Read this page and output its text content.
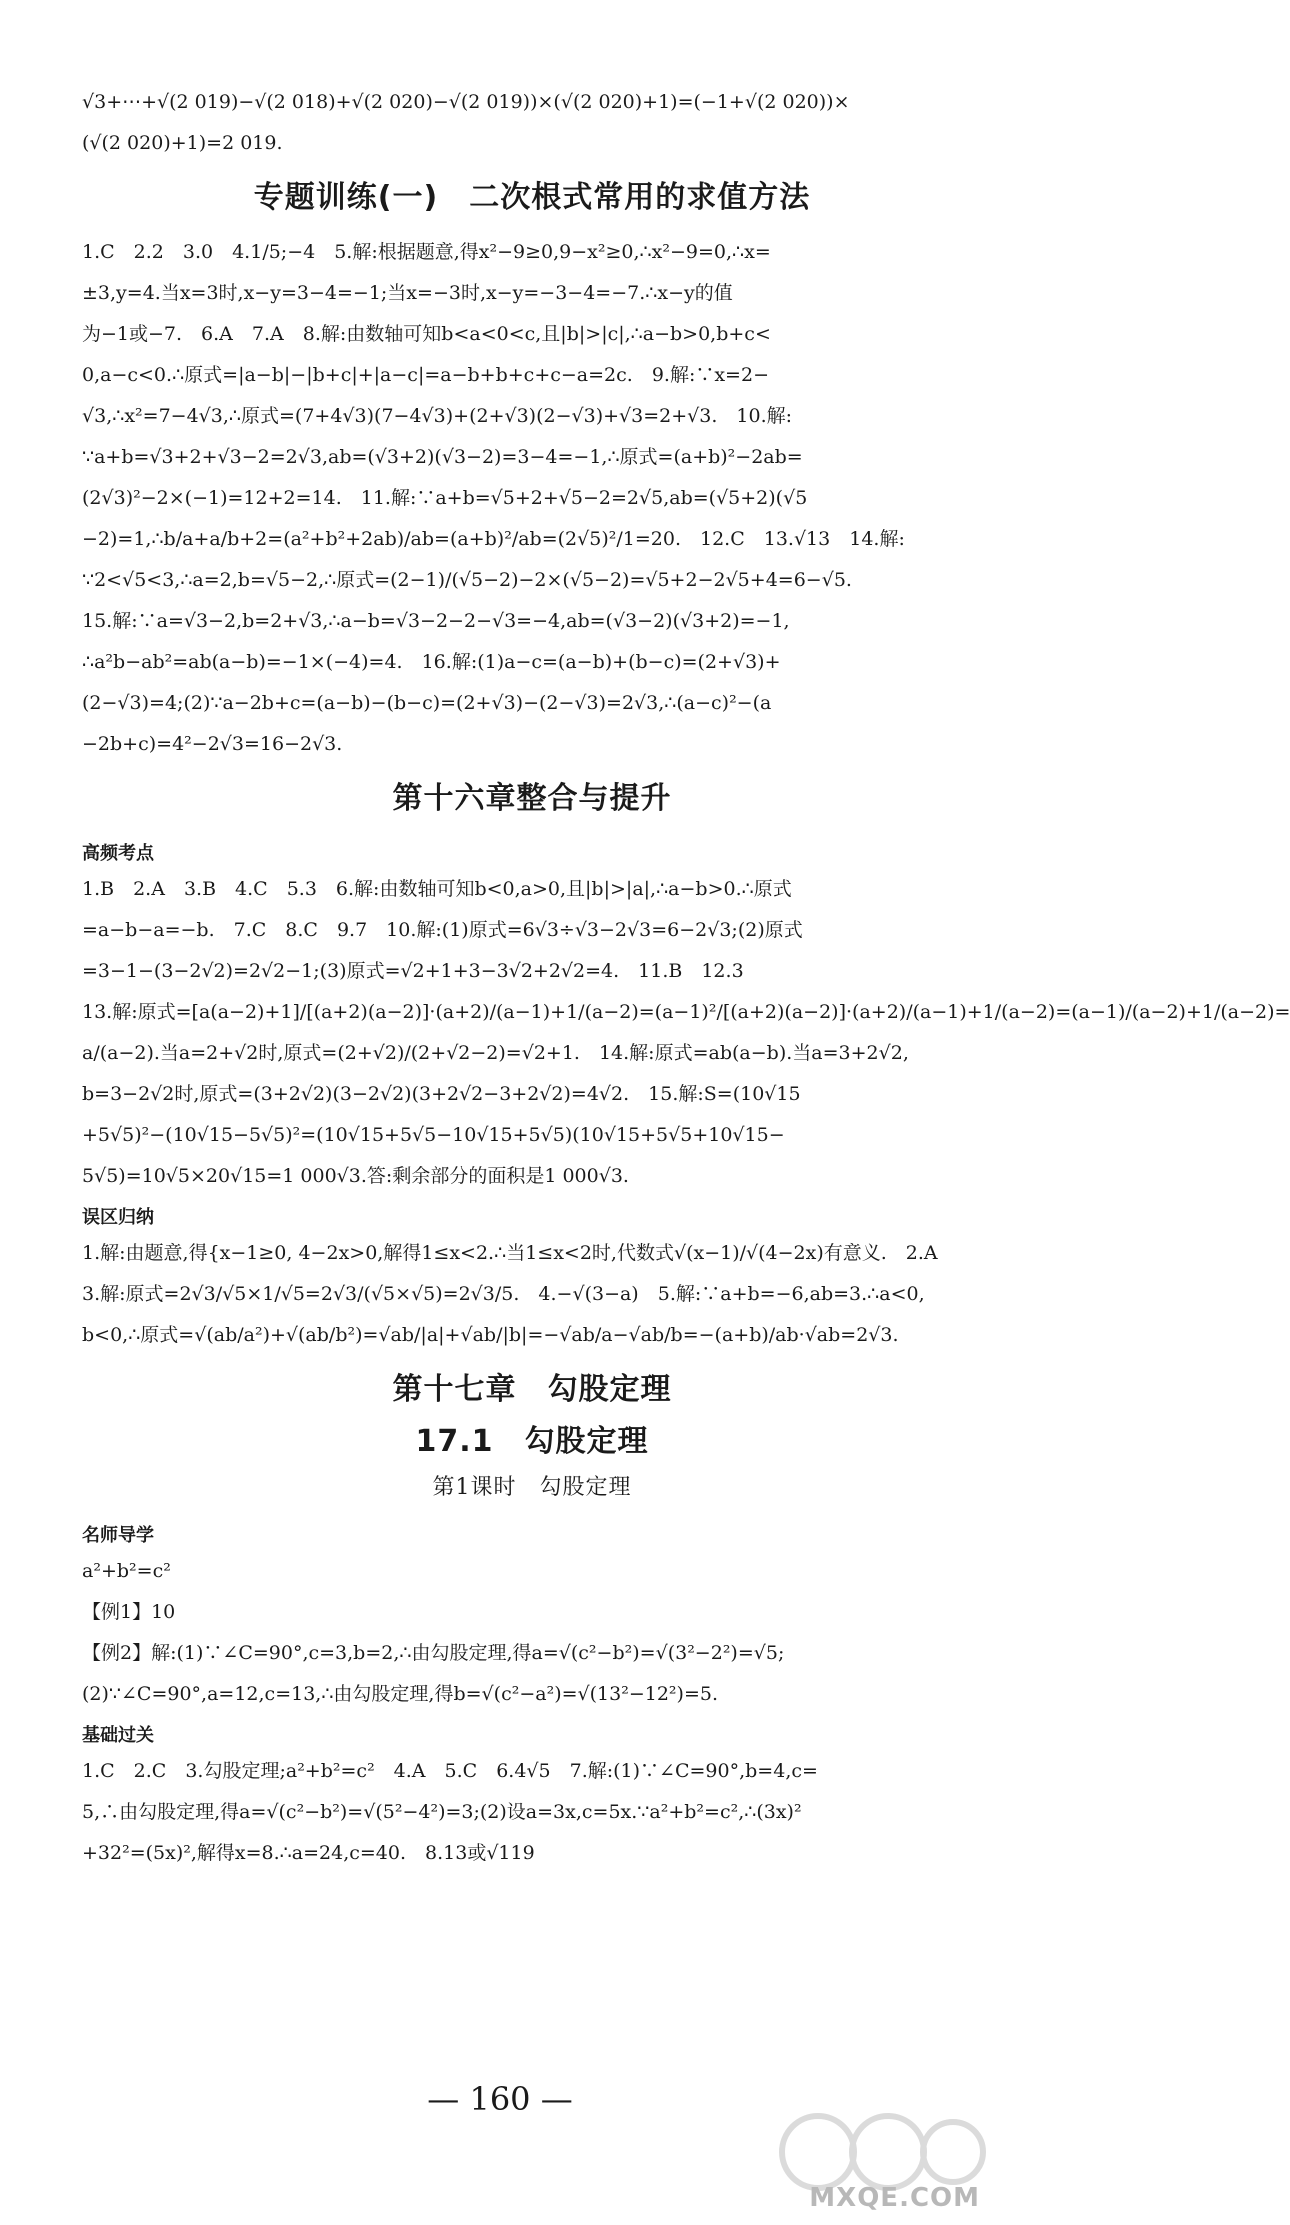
√3+⋯+√(2 019)−√(2 018)+√(2 020)−√(2 019))×(√(2 020)+1)=(−1+√(2 020))×
(√(2 020)+1)=2 019.
专题训练(一)　二次根式常用的求值方法
1.C　2.2　3.0　4.1/5;−4　5.解:根据题意,得x²−9≥0,9−x²≥0,∴x²−9=0,∴x=
±3,y=4.当x=3时,x−y=3−4=−1;当x=−3时,x−y=−3−4=−7.∴x−y的值
为−1或−7.　6.A　7.A　8.解:由数轴可知b<a<0<c,且|b|>|c|,∴a−b>0,b+c<
0,a−c<0.∴原式=|a−b|−|b+c|+|a−c|=a−b+b+c+c−a=2c.　9.解:∵x=2−
√3,∴x²=7−4√3,∴原式=(7+4√3)(7−4√3)+(2+√3)(2−√3)+√3=2+√3.　10.解:
∵a+b=√3+2+√3−2=2√3,ab=(√3+2)(√3−2)=3−4=−1,∴原式=(a+b)²−2ab=
(2√3)²−2×(−1)=12+2=14.　11.解:∵a+b=√5+2+√5−2=2√5,ab=(√5+2)(√5
−2)=1,∴b/a+a/b+2=(a²+b²+2ab)/ab=(a+b)²/ab=(2√5)²/1=20.　12.C　13.√13　14.解:
∵2<√5<3,∴a=2,b=√5−2,∴原式=(2−1)/(√5−2)−2×(√5−2)=√5+2−2√5+4=6−√5.
15.解:∵a=√3−2,b=2+√3,∴a−b=√3−2−2−√3=−4,ab=(√3−2)(√3+2)=−1,
∴a²b−ab²=ab(a−b)=−1×(−4)=4.　16.解:(1)a−c=(a−b)+(b−c)=(2+√3)+
(2−√3)=4;(2)∵a−2b+c=(a−b)−(b−c)=(2+√3)−(2−√3)=2√3,∴(a−c)²−(a
−2b+c)=4²−2√3=16−2√3.
第十六章整合与提升
高频考点
1.B　2.A　3.B　4.C　5.3　6.解:由数轴可知b<0,a>0,且|b|>|a|,∴a−b>0.∴原式
=a−b−a=−b.　7.C　8.C　9.7　10.解:(1)原式=6√3÷√3−2√3=6−2√3;(2)原式
=3−1−(3−2√2)=2√2−1;(3)原式=√2+1+3−3√2+2√2=4.　11.B　12.3
13.解:原式=[a(a−2)+1]/[(a+2)(a−2)]·(a+2)/(a−1)+1/(a−2)=(a−1)²/[(a+2)(a−2)]·(a+2)/(a−1)+1/(a−2)=(a−1)/(a−2)+1/(a−2)=
a/(a−2).当a=2+√2时,原式=(2+√2)/(2+√2−2)=√2+1.　14.解:原式=ab(a−b).当a=3+2√2,
b=3−2√2时,原式=(3+2√2)(3−2√2)(3+2√2−3+2√2)=4√2.　15.解:S=(10√15
+5√5)²−(10√15−5√5)²=(10√15+5√5−10√15+5√5)(10√15+5√5+10√15−
5√5)=10√5×20√15=1 000√3.答:剩余部分的面积是1 000√3.
误区归纳
1.解:由题意,得{x−1≥0, 4−2x>0,解得1≤x<2.∴当1≤x<2时,代数式√(x−1)/√(4−2x)有意义.　2.A
3.解:原式=2√3/√5×1/√5=2√3/(√5×√5)=2√3/5.　4.−√(3−a)　5.解:∵a+b=−6,ab=3.∴a<0,
b<0,∴原式=√(ab/a²)+√(ab/b²)=√ab/|a|+√ab/|b|=−√ab/a−√ab/b=−(a+b)/ab·√ab=2√3.
第十七章　勾股定理
17.1　勾股定理
第1课时　勾股定理
名师导学
a²+b²=c²
【例1】10
【例2】解:(1)∵∠C=90°,c=3,b=2,∴由勾股定理,得a=√(c²−b²)=√(3²−2²)=√5;
(2)∵∠C=90°,a=12,c=13,∴由勾股定理,得b=√(c²−a²)=√(13²−12²)=5.
基础过关
1.C　2.C　3.勾股定理;a²+b²=c²　4.A　5.C　6.4√5　7.解:(1)∵∠C=90°,b=4,c=
5,∴由勾股定理,得a=√(c²−b²)=√(5²−4²)=3;(2)设a=3x,c=5x.∵a²+b²=c²,∴(3x)²
+32²=(5x)²,解得x=8.∴a=24,c=40.　8.13或√119
— 160 —
MXQE.COM
